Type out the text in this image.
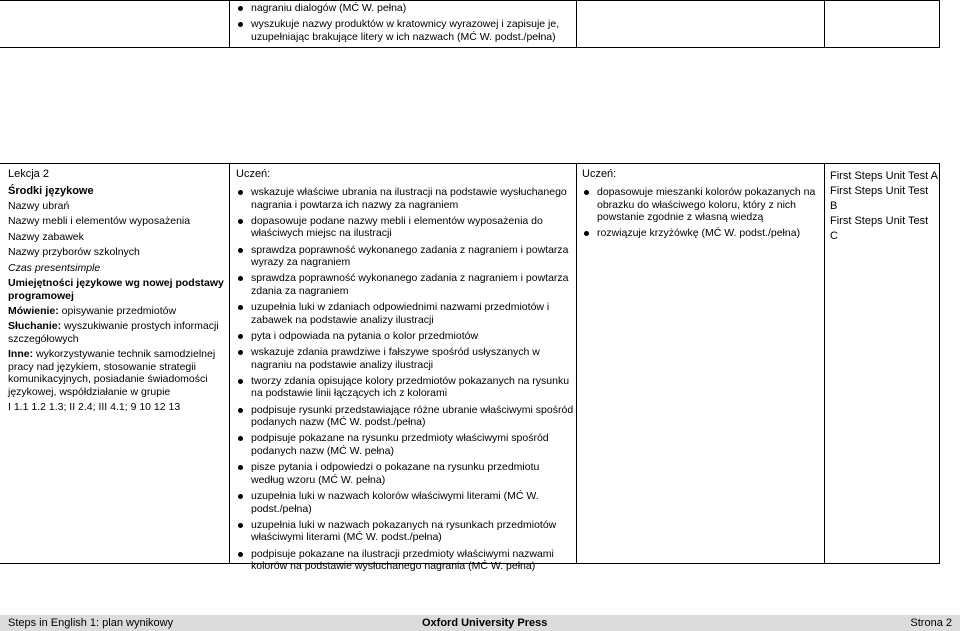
nagraniu dialogów (MĆ W. pełna)
wyszukuje nazwy produktów w kratownicy wyrazowej i zapisuje je, uzupełniając brakujące litery w ich nazwach (MĆ W. podst./pełna)
Lekcja 2
Środki językowe
Nazwy ubrań
Nazwy mebli i elementów wyposażenia
Nazwy zabawek
Nazwy przyborów szkolnych
Czas presentsimple
Umiejętności językowe wg nowej podstawy programowej
Mówienie: opisywanie przedmiotów
Słuchanie: wyszukiwanie prostych informacji szczegółowych
Inne: wykorzystywanie technik samodzielnej pracy nad językiem, stosowanie strategii komunikacyjnych, posiadanie świadomości językowej, współdziałanie w grupie
I 1.1 1.2 1.3; II 2.4; III 4.1; 9 10 12 13
Uczeń:
wskazuje właściwe ubrania na ilustracji na podstawie wysłuchanego nagrania i powtarza ich nazwy za nagraniem
dopasowuje podane nazwy mebli i elementów wyposażenia do właściwych miejsc na ilustracji
sprawdza poprawność wykonanego zadania z nagraniem i powtarza wyrazy za nagraniem
sprawdza poprawność wykonanego zadania z nagraniem i powtarza zdania za nagraniem
uzupełnia luki w zdaniach odpowiednimi nazwami przedmiotów i zabawek na podstawie analizy ilustracji
pyta i odpowiada na pytania o kolor przedmiotów
wskazuje zdania prawdziwe i fałszywe spośród usłyszanych w nagraniu na podstawie analizy ilustracji
tworzy zdania opisujące kolory przedmiotów pokazanych na rysunku na podstawie linii łączących ich z kolorami
podpisuje rysunki przedstawiające różne ubranie właściwymi spośród podanych nazw (MĆ W. podst./pełna)
podpisuje pokazane na rysunku przedmioty właściwymi spośród podanych nazw (MĆ W. pełna)
pisze pytania i odpowiedzi o pokazane na rysunku przedmiotu według wzoru (MĆ W. pełna)
uzupełnia luki w nazwach kolorów właściwymi literami (MĆ W. podst./pełna)
uzupełnia luki w nazwach pokazanych na rysunkach przedmiotów właściwymi literami (MĆ W. podst./pełna)
podpisuje pokazane na ilustracji przedmioty właściwymi nazwami kolorów na podstawie wysłuchanego nagrania (MĆ W. pełna)
Uczeń:
dopasowuje mieszanki kolorów pokazanych na obrazku do właściwego koloru, który z nich powstanie zgodnie z własną wiedzą
rozwiązuje krzyżówkę (MĆ W. podst./pełna)
First Steps Unit Test A
First Steps Unit Test B
First Steps Unit Test C
Steps in English 1: plan wynikowy	Oxford University Press	Strona 2
